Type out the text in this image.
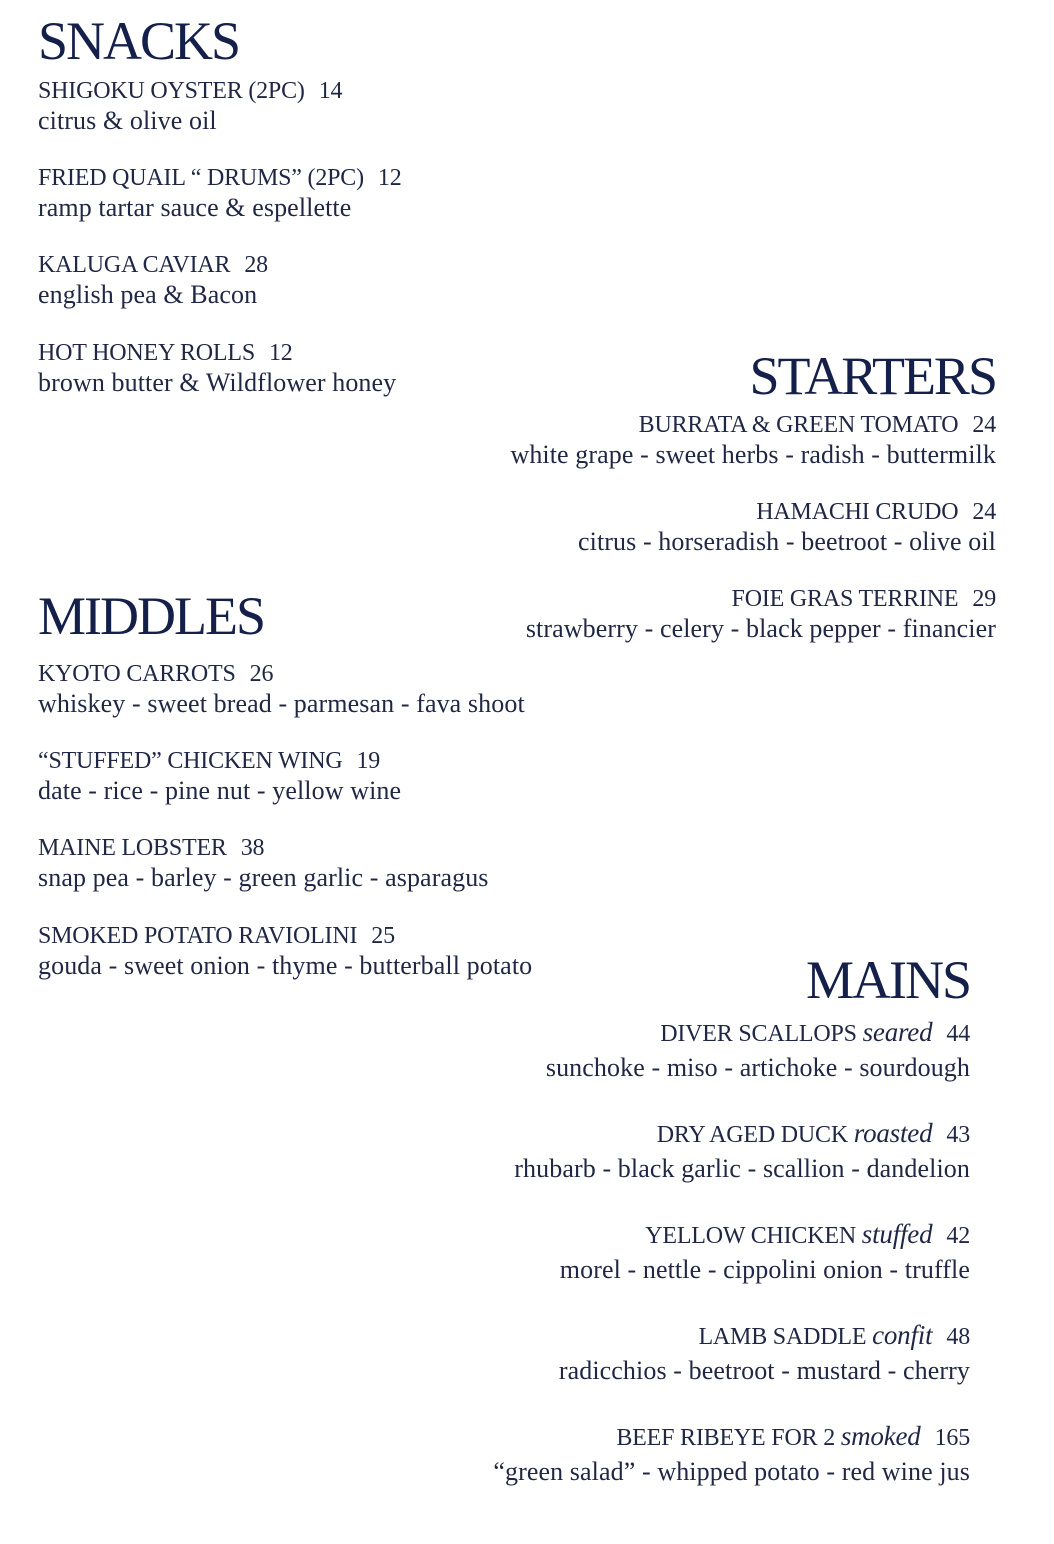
SNACKS
SHIGOKU OYSTER (2PC) 14
citrus & olive oil
FRIED QUAIL “ DRUMS” (2PC) 12
ramp tartar sauce & espellette
KALUGA CAVIAR 28
english pea & Bacon
HOT HONEY ROLLS 12
brown butter & Wildflower honey	STARTERS
BURRATA & GREEN TOMATO 24
white grape - sweet herbs - radish - buttermilk
HAMACHI CRUDO 24
citrus - horseradish - beetroot - olive oil
FOIE GRAS TERRINE 29
strawberry - celery - black pepper - financier
MIDDLES
KYOTO CARROTS 26
whiskey - sweet bread - parmesan - fava shoot
“STUFFED” CHICKEN WING 19
date - rice - pine nut - yellow wine
MAINE LOBSTER 38
snap pea - barley - green garlic - asparagus
SMOKED POTATO RAVIOLINI 25
gouda - sweet onion - thyme - butterball potato	MAINS
DIVER SCALLOPS seared 44
sunchoke - miso - artichoke - sourdough
DRY AGED DUCK roasted 43
rhubarb - black garlic - scallion - dandelion
YELLOW CHICKEN stuffed 42
morel - nettle - cippolini onion - truffle
LAMB SADDLE confit 48
radicchios - beetroot - mustard - cherry
BEEF RIBEYE FOR 2 smoked 165
“green salad” - whipped potato - red wine jus
